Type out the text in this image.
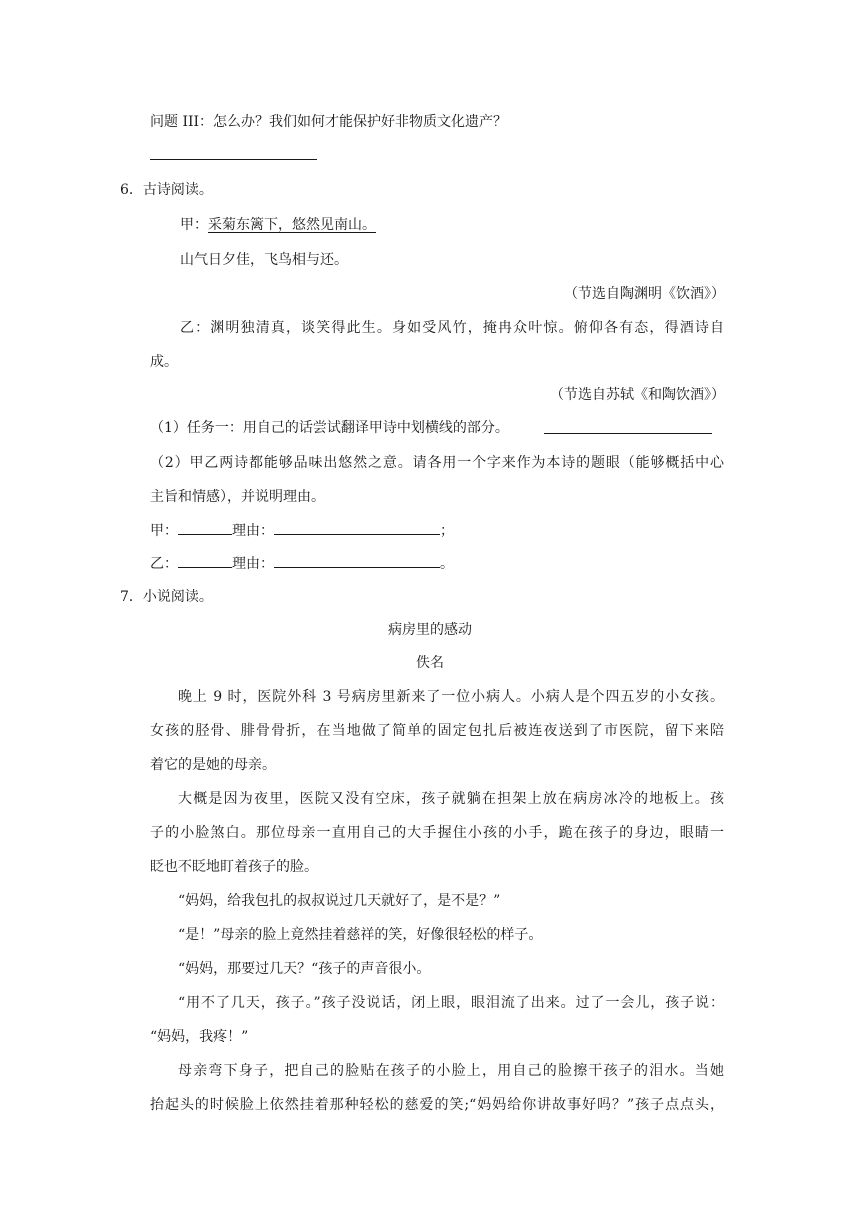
问题 III：怎么办？我们如何才能保护好非物质文化遗产？
6．古诗阅读。
甲：采菊东篱下，悠然见南山。
山气日夕佳，飞鸟相与还。
（节选自陶渊明《饮酒》）
乙：渊明独清真，谈笑得此生。身如受风竹，掩冉众叶惊。俯仰各有态，得酒诗自
成。
（节选自苏轼《和陶饮酒》）
（1）任务一：用自己的话尝试翻译甲诗中划横线的部分。
（2）甲乙两诗都能够品味出悠然之意。请各用一个字来作为本诗的题眼（能够概括中心
主旨和情感），并说明理由。
甲：	理由：	；
乙：	理由：	。
7．小说阅读。
病房里的感动
佚名
晚上 9 时，医院外科 3 号病房里新来了一位小病人。小病人是个四五岁的小女孩。
女孩的胫骨、腓骨骨折，在当地做了简单的固定包扎后被连夜送到了市医院，留下来陪
着它的是她的母亲。
大概是因为夜里，医院又没有空床，孩子就躺在担架上放在病房冰冷的地板上。孩
子的小脸煞白。那位母亲一直用自己的大手握住小孩的小手，跪在孩子的身边，眼睛一
眨也不眨地盯着孩子的脸。
“妈妈，给我包扎的叔叔说过几天就好了，是不是？”
“是！”母亲的脸上竟然挂着慈祥的笑，好像很轻松的样子。
“妈妈，那要过几天？“孩子的声音很小。
“用不了几天，孩子。”孩子没说话，闭上眼，眼泪流了出来。过了一会儿，孩子说：
“妈妈，我疼！”
母亲弯下身子，把自己的脸贴在孩子的小脸上，用自己的脸擦干孩子的泪水。当她
抬起头的时候脸上依然挂着那种轻松的慈爱的笑;“妈妈给你讲故事好吗？”孩子点点头，
